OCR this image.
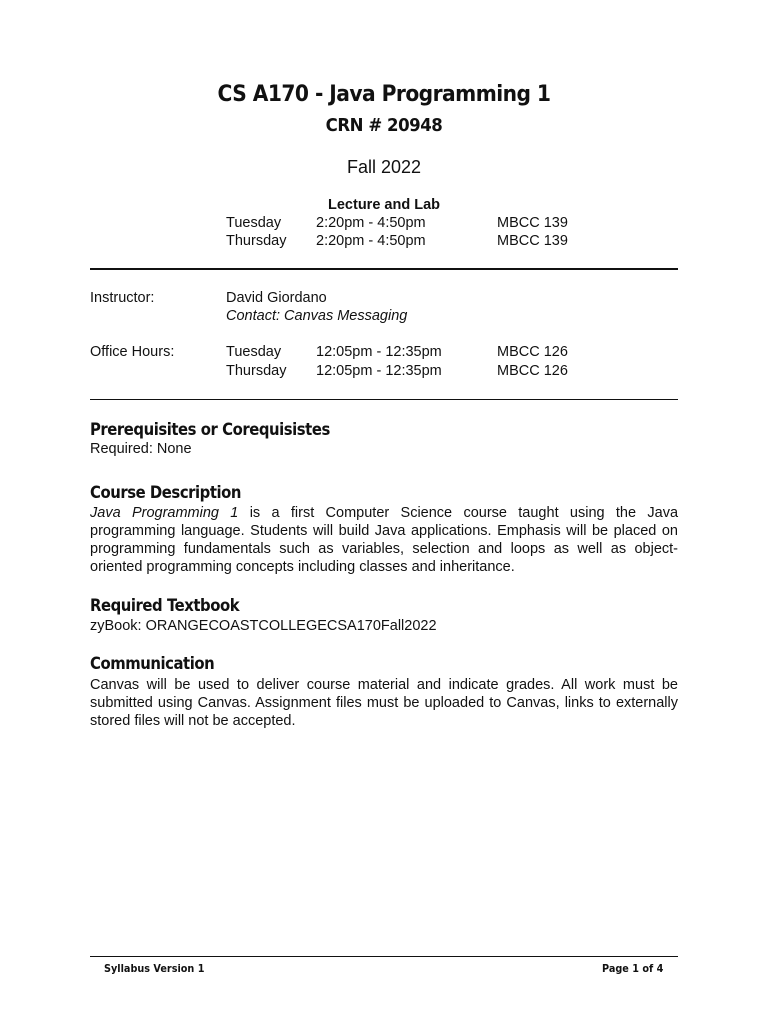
CS A170 - Java Programming 1
CRN # 20948
Fall 2022
Lecture and Lab
Tuesday 2:20pm - 4:50pm	MBCC 139
Thursday 2:20pm - 4:50pm	MBCC 139
Instructor:	David Giordano
Contact: Canvas Messaging
Office Hours:	Tuesday 12:05pm - 12:35pm	MBCC 126
Thursday 12:05pm - 12:35pm	MBCC 126
Prerequisites or Corequisistes
Required: None
Course Description
Java Programming 1 is a first Computer Science course taught using the Java programming language. Students will build Java applications. Emphasis will be placed on programming fundamentals such as variables, selection and loops as well as object-oriented programming concepts including classes and inheritance.
Required Textbook
zyBook: ORANGECOASTCOLLEGECSA170Fall2022
Communication
Canvas will be used to deliver course material and indicate grades. All work must be submitted using Canvas. Assignment files must be uploaded to Canvas, links to externally stored files will not be accepted.
Syllabus Version 1	Page 1 of 4
